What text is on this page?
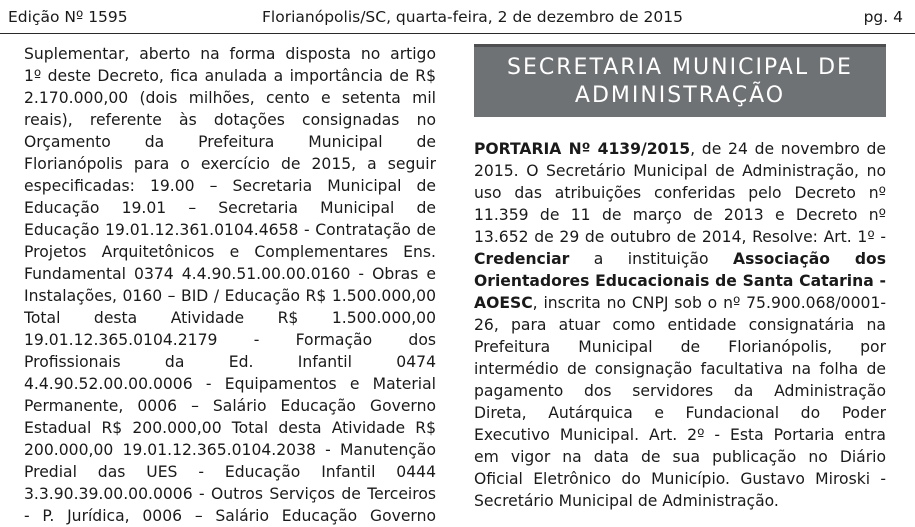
Edição Nº 1595	Florianópolis/SC, quarta-feira, 2 de dezembro de 2015	pg. 4
Suplementar, aberto na forma disposta no artigo
1º deste Decreto, fica anulada a importância de R$
2.170.000,00 (dois milhões, cento e setenta mil
reais), referente às dotações consignadas no
Orçamento da Prefeitura Municipal de
Florianópolis para o exercício de 2015, a seguir
especificadas: 19.00 – Secretaria Municipal de
Educação 19.01 – Secretaria Municipal de
Educação 19.01.12.361.0104.4658 - Contratação de
Projetos Arquitetônicos e Complementares Ens.
Fundamental 0374 4.4.90.51.00.00.0160 - Obras e
Instalações, 0160 – BID / Educação R$ 1.500.000,00
Total desta Atividade R$ 1.500.000,00
19.01.12.365.0104.2179 - Formação dos
Profissionais da Ed. Infantil 0474
4.4.90.52.00.00.0006 - Equipamentos e Material
Permanente, 0006 – Salário Educação Governo
Estadual R$ 200.000,00 Total desta Atividade R$
200.000,00 19.01.12.365.0104.2038 - Manutenção
Predial das UES - Educação Infantil 0444
3.3.90.39.00.00.0006 - Outros Serviços de Terceiros
- P. Jurídica, 0006 – Salário Educação Governo
SECRETARIA MUNICIPAL DE
ADMINISTRAÇÃO
PORTARIA Nº 4139/2015, de 24 de novembro de
2015. O Secretário Municipal de Administração, no
uso das atribuições conferidas pelo Decreto nº
11.359 de 11 de março de 2013 e Decreto nº
13.652 de 29 de outubro de 2014, Resolve: Art. 1º -
Credenciar a instituição Associação dos
Orientadores Educacionais de Santa Catarina -
AOESC, inscrita no CNPJ sob o nº 75.900.068/0001-
26, para atuar como entidade consignatária na
Prefeitura Municipal de Florianópolis, por
intermédio de consignação facultativa na folha de
pagamento dos servidores da Administração
Direta, Autárquica e Fundacional do Poder
Executivo Municipal. Art. 2º - Esta Portaria entra
em vigor na data de sua publicação no Diário
Oficial Eletrônico do Município. Gustavo Miroski -
Secretário Municipal de Administração.
